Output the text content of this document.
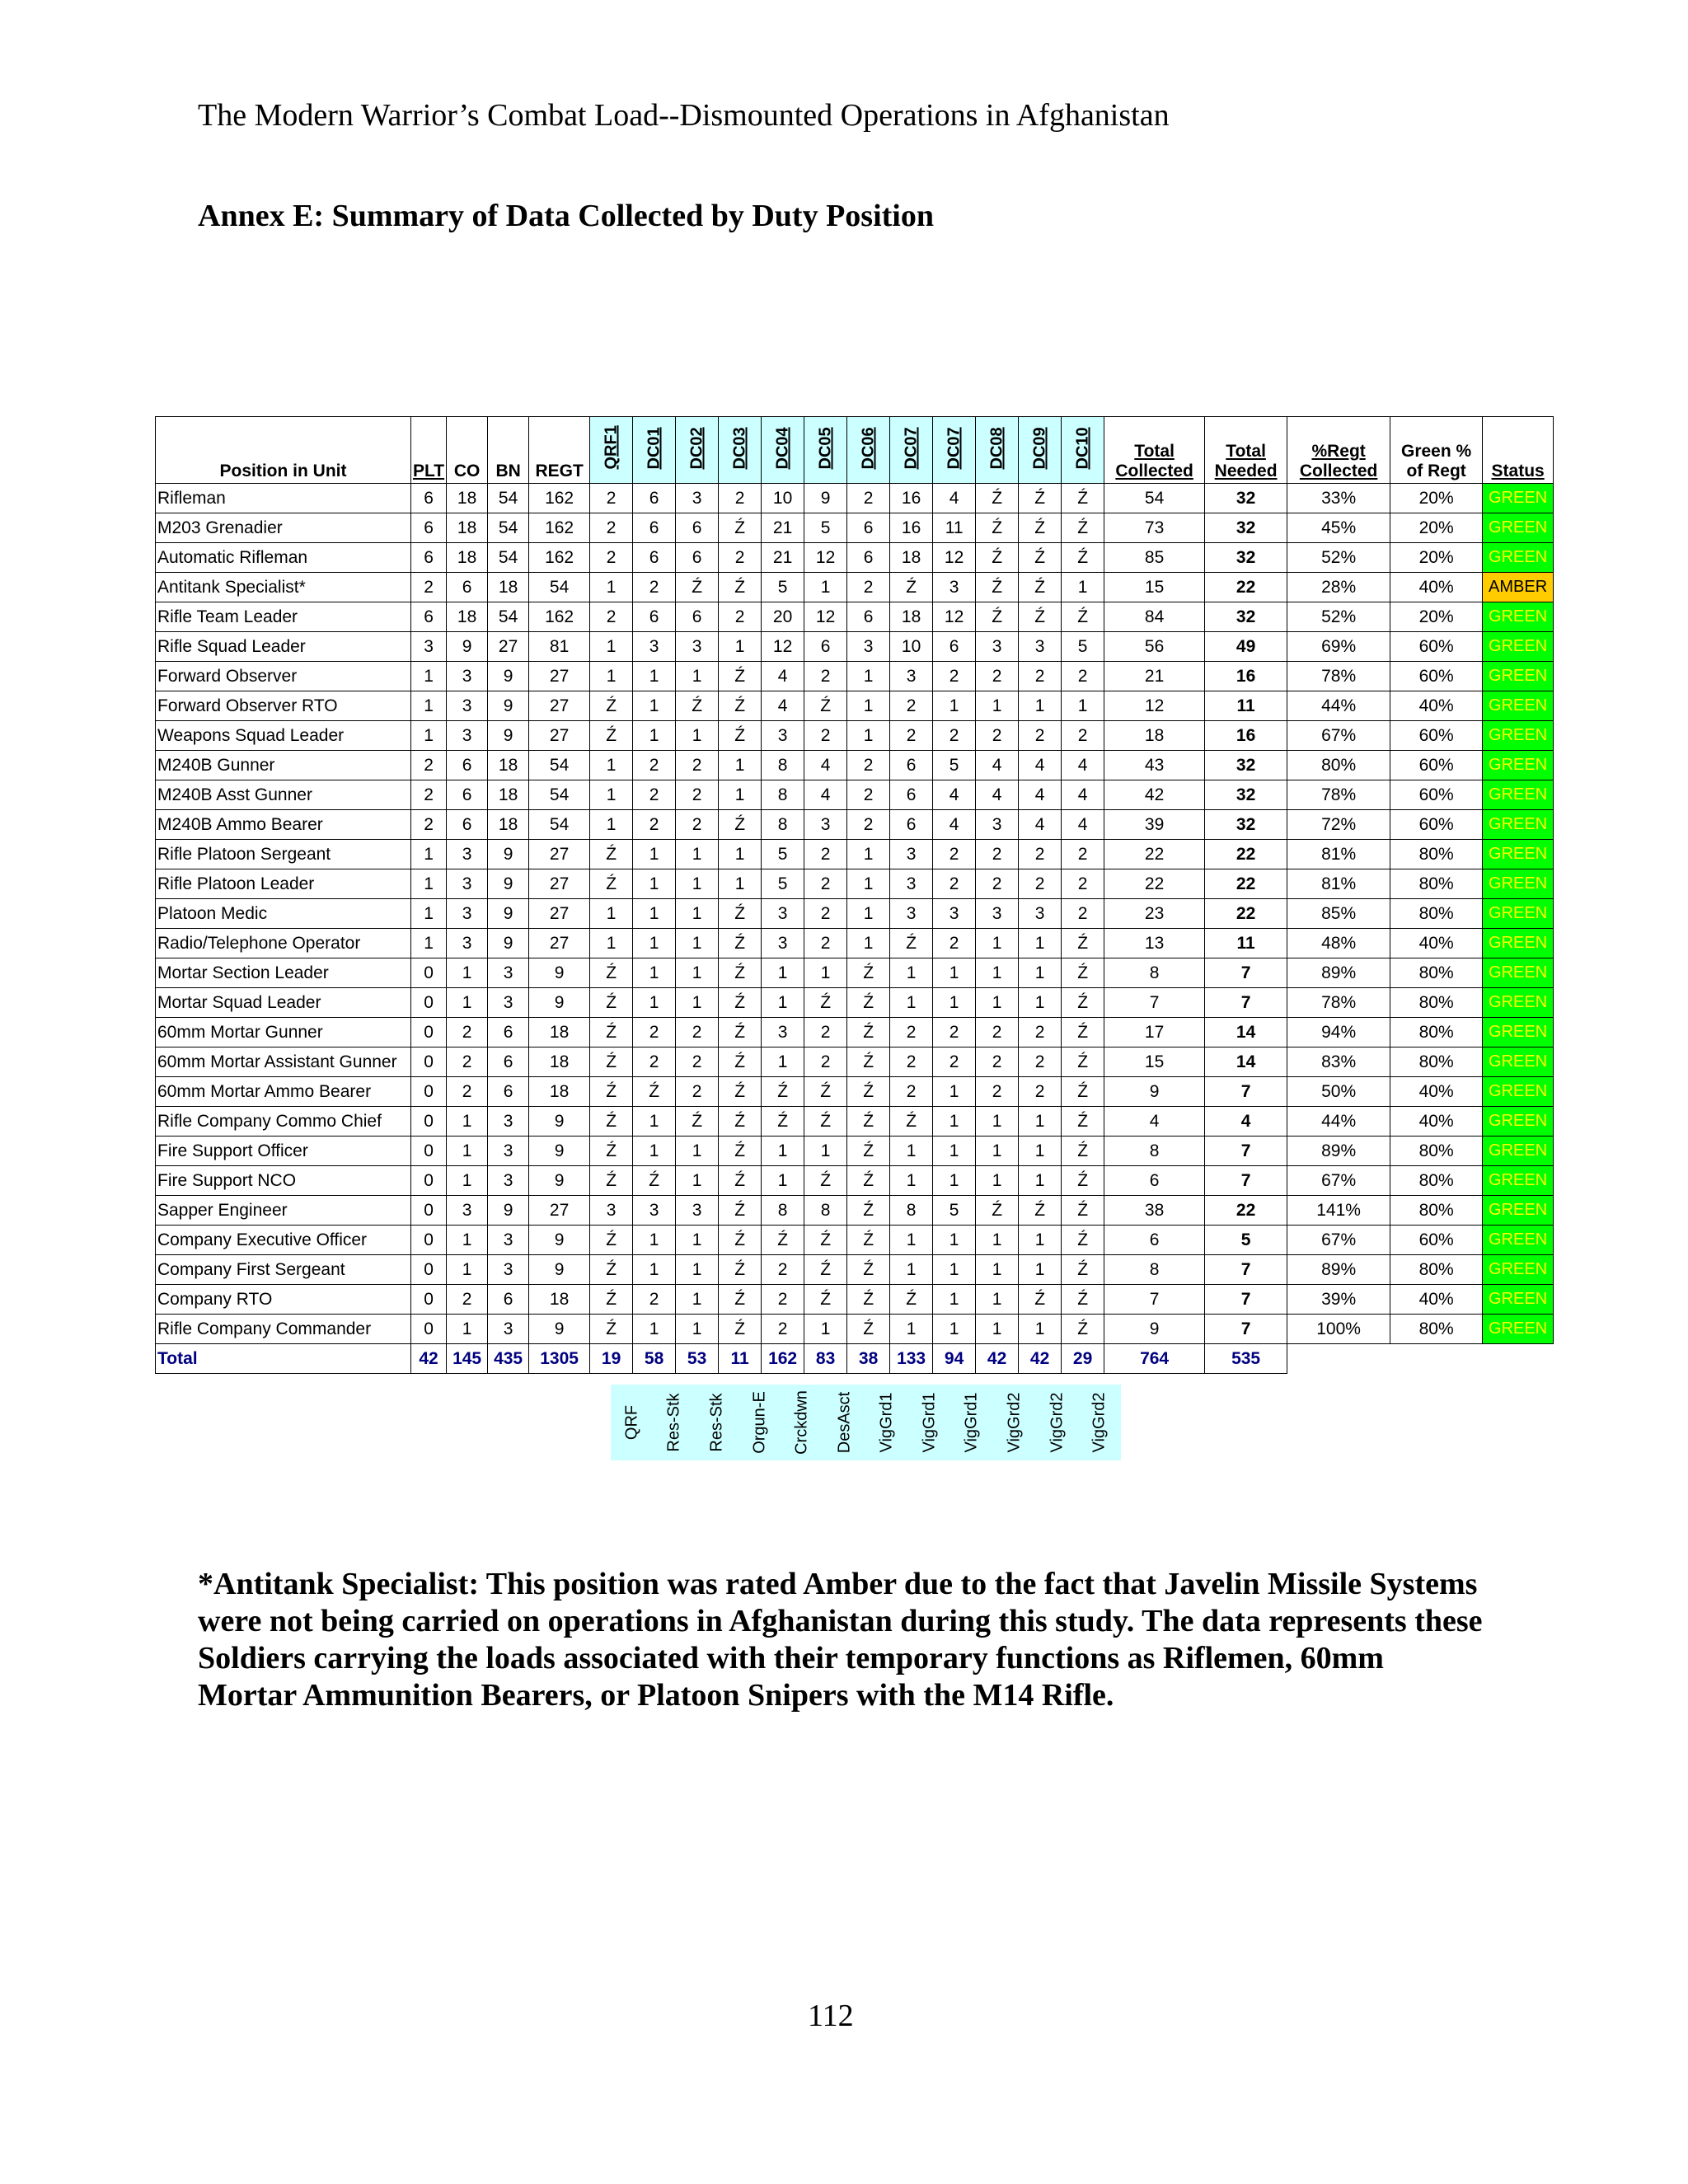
The Modern Warrior’s Combat Load--Dismounted Operations in Afghanistan
Annex E: Summary of Data Collected by Duty Position
Position in Unit	PLT	CO	BN	REGT	QRF1	DC01	DC02	DC03	DC04	DC05	DC06	DC07	DC07	DC08	DC09	DC10	Total Collected	Total Needed	%Regt Collected	Green % of Regt	Status
Rifleman	6	18	54	162	2	6	3	2	10	9	2	16	4	Ź	Ź	Ź	54	32	33%	20%	GREEN
M203 Grenadier	6	18	54	162	2	6	6	Ź	21	5	6	16	11	Ź	Ź	Ź	73	32	45%	20%	GREEN
Automatic Rifleman	6	18	54	162	2	6	6	2	21	12	6	18	12	Ź	Ź	Ź	85	32	52%	20%	GREEN
Antitank Specialist*	2	6	18	54	1	2	Ź	Ź	5	1	2	Ź	3	Ź	Ź	1	15	22	28%	40%	AMBER
Rifle Team Leader	6	18	54	162	2	6	6	2	20	12	6	18	12	Ź	Ź	Ź	84	32	52%	20%	GREEN
Rifle Squad Leader	3	9	27	81	1	3	3	1	12	6	3	10	6	3	3	5	56	49	69%	60%	GREEN
Forward Observer	1	3	9	27	1	1	1	Ź	4	2	1	3	2	2	2	2	21	16	78%	60%	GREEN
Forward Observer RTO	1	3	9	27	Ź	1	Ź	Ź	4	Ź	1	2	1	1	1	1	12	11	44%	40%	GREEN
Weapons Squad Leader	1	3	9	27	Ź	1	1	Ź	3	2	1	2	2	2	2	2	18	16	67%	60%	GREEN
M240B Gunner	2	6	18	54	1	2	2	1	8	4	2	6	5	4	4	4	43	32	80%	60%	GREEN
M240B Asst Gunner	2	6	18	54	1	2	2	1	8	4	2	6	4	4	4	4	42	32	78%	60%	GREEN
M240B Ammo Bearer	2	6	18	54	1	2	2	Ź	8	3	2	6	4	3	4	4	39	32	72%	60%	GREEN
Rifle Platoon Sergeant	1	3	9	27	Ź	1	1	1	5	2	1	3	2	2	2	2	22	22	81%	80%	GREEN
Rifle Platoon Leader	1	3	9	27	Ź	1	1	1	5	2	1	3	2	2	2	2	22	22	81%	80%	GREEN
Platoon Medic	1	3	9	27	1	1	1	Ź	3	2	1	3	3	3	3	2	23	22	85%	80%	GREEN
Radio/Telephone Operator	1	3	9	27	1	1	1	Ź	3	2	1	Ź	2	1	1	Ź	13	11	48%	40%	GREEN
Mortar Section Leader	0	1	3	9	Ź	1	1	Ź	1	1	Ź	1	1	1	1	Ź	8	7	89%	80%	GREEN
Mortar Squad Leader	0	1	3	9	Ź	1	1	Ź	1	Ź	Ź	1	1	1	1	Ź	7	7	78%	80%	GREEN
60mm Mortar Gunner	0	2	6	18	Ź	2	2	Ź	3	2	Ź	2	2	2	2	Ź	17	14	94%	80%	GREEN
60mm Mortar Assistant Gunner	0	2	6	18	Ź	2	2	Ź	1	2	Ź	2	2	2	2	Ź	15	14	83%	80%	GREEN
60mm Mortar Ammo Bearer	0	2	6	18	Ź	Ź	2	Ź	Ź	Ź	Ź	2	1	2	2	Ź	9	7	50%	40%	GREEN
Rifle Company Commo Chief	0	1	3	9	Ź	1	Ź	Ź	Ź	Ź	Ź	Ź	1	1	1	Ź	4	4	44%	40%	GREEN
Fire Support Officer	0	1	3	9	Ź	1	1	Ź	1	1	Ź	1	1	1	1	Ź	8	7	89%	80%	GREEN
Fire Support NCO	0	1	3	9	Ź	Ź	1	Ź	1	Ź	Ź	1	1	1	1	Ź	6	7	67%	80%	GREEN
Sapper Engineer	0	3	9	27	3	3	3	Ź	8	8	Ź	8	5	Ź	Ź	Ź	38	22	141%	80%	GREEN
Company Executive Officer	0	1	3	9	Ź	1	1	Ź	Ź	Ź	Ź	1	1	1	1	Ź	6	5	67%	60%	GREEN
Company First Sergeant	0	1	3	9	Ź	1	1	Ź	2	Ź	Ź	1	1	1	1	Ź	8	7	89%	80%	GREEN
Company RTO	0	2	6	18	Ź	2	1	Ź	2	Ź	Ź	Ź	1	1	Ź	Ź	7	7	39%	40%	GREEN
Rifle Company Commander	0	1	3	9	Ź	1	1	Ź	2	1	Ź	1	1	1	1	Ź	9	7	100%	80%	GREEN
Total	42	145	435	1305	19	58	53	11	162	83	38	133	94	42	42	29	764	535			
QRF Res-Stk Res-Stk Orgun-E Crckdwn DesAsct VigGrd1 VigGrd1 VigGrd1 VigGrd2 VigGrd2 VigGrd2
*Antitank Specialist: This position was rated Amber due to the fact that Javelin Missile Systems were not being carried on operations in Afghanistan during this study. The data represents these Soldiers carrying the loads associated with their temporary functions as Riflemen, 60mm Mortar Ammunition Bearers, or Platoon Snipers with the M14 Rifle.
112
